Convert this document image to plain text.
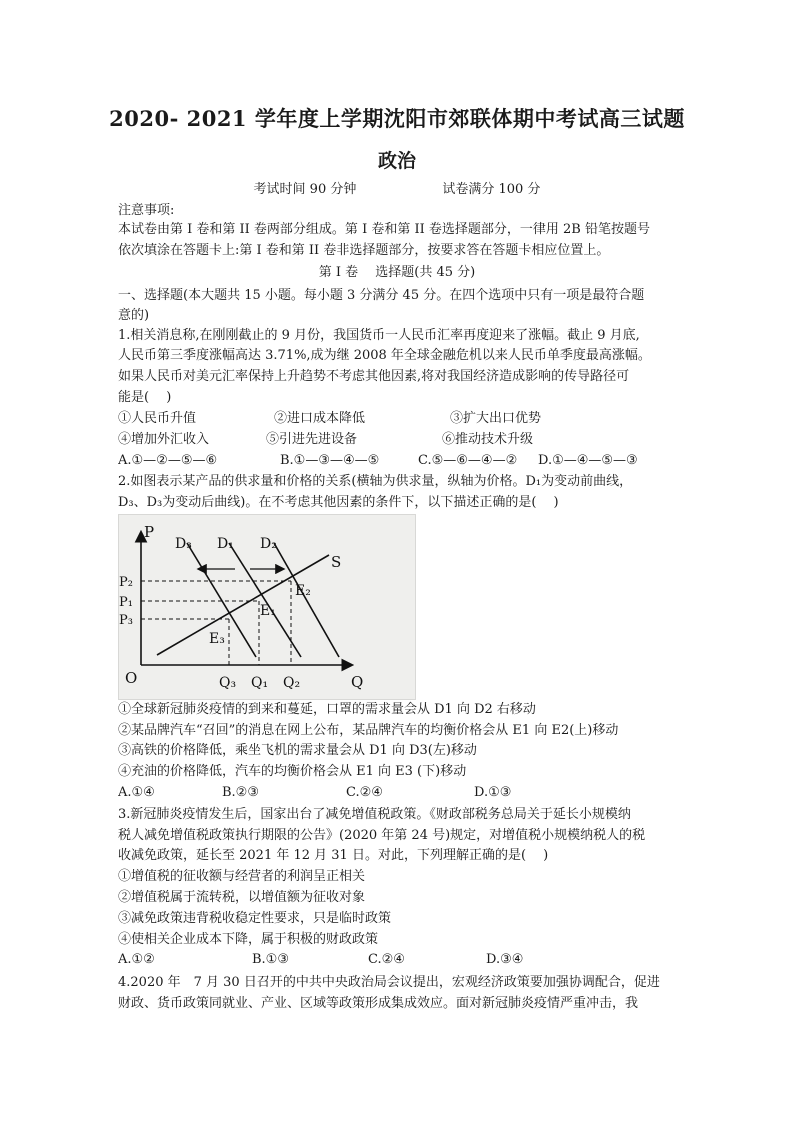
2020- 2021 学年度上学期沈阳市郊联体期中考试高三试题
政治
考试时间 90 分钟	试卷满分 100 分
注意事项:
本试卷由第 I 卷和第 II 卷两部分组成。第 I 卷和第 II 卷选择题部分，一律用 2B 铅笔按题号
依次填涂在答题卡上:第 I 卷和第 II 卷非选择题部分，按要求答在答题卡相应位置上。
第 I 卷　 选择题(共 45 分)
一、选择题(本大题共 15 小题。每小题 3 分满分 45 分。在四个选项中只有一项是最符合题
意的)
1.相关消息称,在刚刚截止的 9 月份，我国货币一人民币汇率再度迎来了涨幅。截止 9 月底,
人民币第三季度涨幅高达 3.71%,成为继 2008 年全球金融危机以来人民币单季度最高涨幅。
如果人民币对美元汇率保持上升趋势不考虑其他因素,将对我国经济造成影响的传导路径可
能是(　 )
①人民币升值	②进口成本降低	③扩大出口优势
④增加外汇收入	⑤引进先进设备	⑥推动技术升级
A.①—②—⑤—⑥	B.①—③—④—⑤	C.⑤—⑥—④—②	D.①—④—⑤—③
2.如图表示某产品的供求量和价格的关系(横轴为供求量，纵轴为价格。D₁为变动前曲线，
D₃、D₃为变动后曲线)。在不考虑其他因素的条件下，以下描述正确的是(　 )
P
Q
O
S
D₃ D₁ D₂
P₂
P₁
P₃
Q₃ Q₁ Q₂
E₂
E₁
E₃
①全球新冠肺炎疫情的到来和蔓延，口罩的需求量会从 D1 向 D2 右移动
②某品牌汽车“召回”的消息在网上公布，某品牌汽车的均衡价格会从 E1 向 E2(上)移动
③高铁的价格降低，乘坐飞机的需求量会从 D1 向 D3(左)移动
④充油的价格降低，汽车的均衡价格会从 E1 向 E3 (下)移动
A.①④	B.②③	C.②④	D.①③
3.新冠肺炎疫情发生后，国家出台了减免增值税政策。《财政部税务总局关于延长小规模纳
税人减免增值税政策执行期限的公告》(2020 年第 24 号)规定，对增值税小规模纳税人的税
收减免政策，延长至 2021 年 12 月 31 日。对此，下列理解正确的是(　 )
①增值税的征收额与经营者的利润呈正相关
②增值税属于流转税，以增值额为征收对象
③减免政策违背税收稳定性要求，只是临时政策
④使相关企业成本下降，属于积极的财政政策
A.①②	B.①③	C.②④	D.③④
4.2020 年　7 月 30 日召开的中共中央政治局会议提出，宏观经济政策要加强协调配合，促进
财政、货币政策同就业、产业、区域等政策形成集成效应。面对新冠肺炎疫情严重冲击，我
